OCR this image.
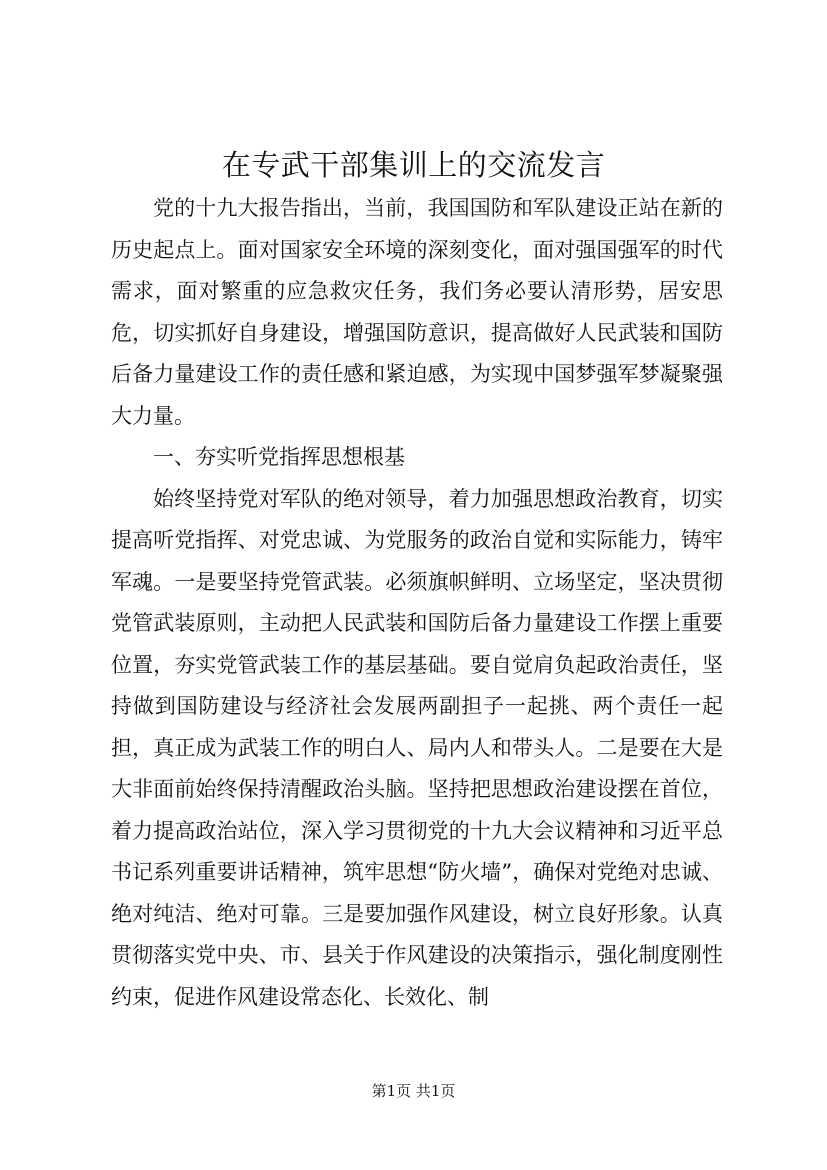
在专武干部集训上的交流发言

党的十九大报告指出，当前，我国国防和军队建设正站在新的历史起点上。面对国家安全环境的深刻变化，面对强国强军的时代需求，面对繁重的应急救灾任务，我们务必要认清形势，居安思危，切实抓好自身建设，增强国防意识，提高做好人民武装和国防后备力量建设工作的责任感和紧迫感，为实现中国梦强军梦凝聚强大力量。

一、夯实听党指挥思想根基

始终坚持党对军队的绝对领导，着力加强思想政治教育，切实提高听党指挥、对党忠诚、为党服务的政治自觉和实际能力，铸牢军魂。一是要坚持党管武装。必须旗帜鲜明、立场坚定，坚决贯彻党管武装原则，主动把人民武装和国防后备力量建设工作摆上重要位置，夯实党管武装工作的基层基础。要自觉肩负起政治责任，坚持做到国防建设与经济社会发展两副担子一起挑、两个责任一起担，真正成为武装工作的明白人、局内人和带头人。二是要在大是大非面前始终保持清醒政治头脑。坚持把思想政治建设摆在首位，着力提高政治站位，深入学习贯彻党的十九大会议精神和习近平总书记系列重要讲话精神，筑牢思想“防火墙”，确保对党绝对忠诚、绝对纯洁、绝对可靠。三是要加强作风建设，树立良好形象。认真贯彻落实党中央、市、县关于作风建设的决策指示，强化制度刚性约束，促进作风建设常态化、长效化、制

第1页 共1页
